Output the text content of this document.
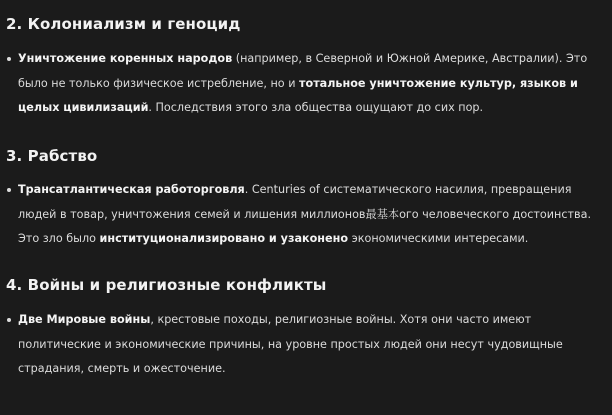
2. Колониализм и геноцид

Уничтожение коренных народов (например, в Северной и Южной Америке, Австралии). Это было не только физическое истребление, но и тотальное уничтожение культур, языков и целых цивилизаций. Последствия этого зла общества ощущают до сих пор.

3. Рабство

Трансатлантическая работорговля. Centuries of систематического насилия, превращения людей в товар, уничтожения семей и лишения миллионов最基本ого человеческого достоинства. Это зло было институционализировано и узаконено экономическими интересами.

4. Войны и религиозные конфликты

Две Мировые войны, крестовые походы, религиозные войны. Хотя они часто имеют политические и экономические причины, на уровне простых людей они несут чудовищные страдания, смерть и ожесточение.
